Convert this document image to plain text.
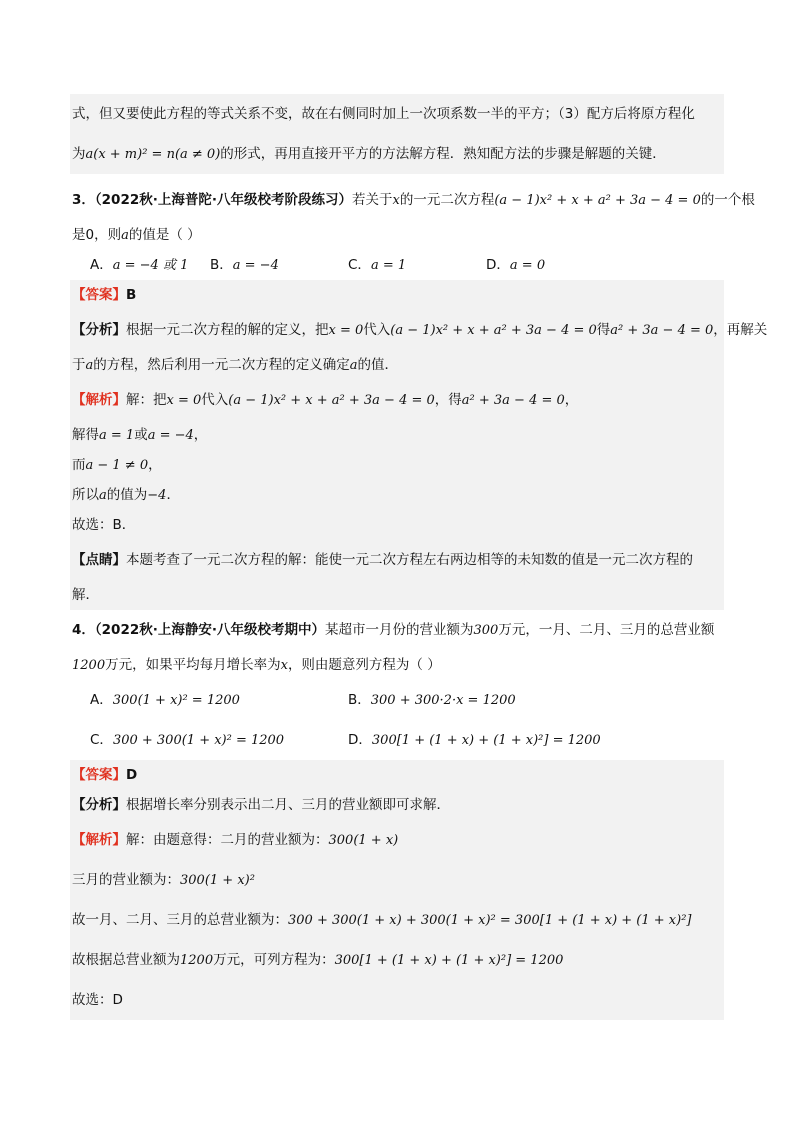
式，但又要使此方程的等式关系不变，故在右侧同时加上一次项系数一半的平方；（3）配方后将原方程化
为a(x + m)² = n(a ≠ 0)的形式，再用直接开平方的方法解方程．熟知配方法的步骤是解题的关键．
3．（2022秋·上海普陀·八年级校考阶段练习）若关于x的一元二次方程(a − 1)x² + x + a² + 3a − 4 = 0的一个根
是0，则a的值是（ ）
A．a = −4 或 1 B．a = −4	C．a = 1	D．a = 0
【答案】B
【分析】根据一元二次方程的解的定义，把x = 0代入(a − 1)x² + x + a² + 3a − 4 = 0得a² + 3a − 4 = 0，再解关
于a的方程，然后利用一元二次方程的定义确定a的值．
【解析】解：把x = 0代入(a − 1)x² + x + a² + 3a − 4 = 0，得a² + 3a − 4 = 0，
解得a = 1或a = −4，
而a − 1 ≠ 0，
所以a的值为−4．
故选：B．
【点睛】本题考查了一元二次方程的解：能使一元二次方程左右两边相等的未知数的值是一元二次方程的
解．
4．（2022秋·上海静安·八年级校考期中）某超市一月份的营业额为300万元，一月、二月、三月的总营业额
1200万元，如果平均每月增长率为x，则由题意列方程为（ ）
A．300(1 + x)² = 1200	B．300 + 300·2·x = 1200
C．300 + 300(1 + x)² = 1200	D．300[1 + (1 + x) + (1 + x)²] = 1200
【答案】D
【分析】根据增长率分别表示出二月、三月的营业额即可求解．
【解析】解：由题意得：二月的营业额为：300(1 + x)
三月的营业额为：300(1 + x)²
故一月、二月、三月的总营业额为：300 + 300(1 + x) + 300(1 + x)² = 300[1 + (1 + x) + (1 + x)²]
故根据总营业额为1200万元，可列方程为：300[1 + (1 + x) + (1 + x)²] = 1200
故选：D
